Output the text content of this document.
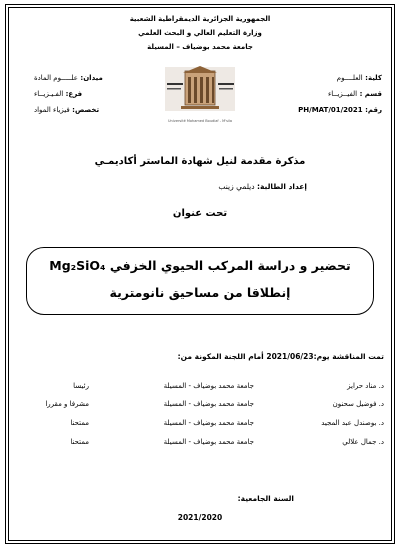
الجمهورية الجزائرية الديمقراطية الشعبية
وزارة التعليم العالي و البحث العلمي
جامعة محمد بوضياف – المسيلة
كلية: العلــــوم
قسم : الفيــزيــاء
رقم: PH/MAT/01/2021
ميدان: علـــــوم المادة
فرع: الفـيـزيــاء
تخصص: فيزياء المواد
Université Mohamed Boudiaf - M'sila
مذكرة مقدمة لنيل شهادة الماستر أكاديمـي
إعداد الطالبة: ديلمي زينب
تحت عنوان
تحضير و دراسة المركب الحيوي الخزفي Mg₂SiO₄
إنطلاقا من مساحيق نانومترية
تمت المناقشة يوم:2021/06/23 أمام اللجنة المكونة من:
د. مناد حرايز
جامعة محمد بوضياف - المسيلة
رئيسا
د. فوضيل سحنون
جامعة محمد بوضياف - المسيلة
مشرفا و مقررا
د. بوصندل عبد المجيد
جامعة محمد بوضياف - المسيلة
ممتحنا
د. جمال علالي
جامعة محمد بوضياف - المسيلة
ممتحنا
السنة الجامعية:
2021/2020
